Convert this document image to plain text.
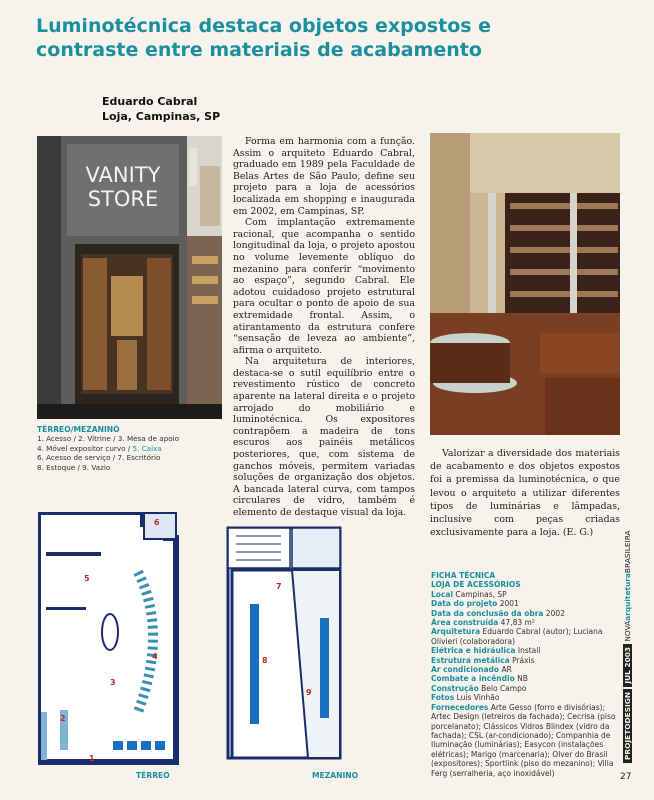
Luminotécnica destaca objetos expostos e
contraste entre materiais de acabamento
Eduardo Cabral
Loja, Campinas, SP
VANITY
STORE

Forma em harmonia com a função. Assim o arquiteto Eduardo Cabral, graduado em 1989 pela Faculdade de Belas Artes de São Paulo, define seu projeto para a loja de acessórios localizada em shopping e inaugurada em 2002, em Campinas, SP.

Com implantação extremamente racional, que acompanha o sentido longitudinal da loja, o projeto apostou no volume levemente oblíquo do mezanino para conferir “movimento ao espaço”, segundo Cabral. Ele adotou cuidadoso projeto estrutural para ocultar o ponto de apoio de sua extremidade frontal. Assim, o atirantamento da estrutura confere “sensação de leveza ao ambiente”, afirma o arquiteto.

Na arquitetura de interiores, destaca-se o sutil equilíbrio entre o revestimento rústico de concreto aparente na lateral direita e o projeto arrojado do mobiliário e luminotécnica. Os expositores contrapõem a madeira de tons escuros aos painéis metálicos posteriores, que, com sistema de ganchos móveis, permitem variadas soluções de organização dos objetos. A bancada lateral curva, com tampos circulares de vidro, também é elemento de destaque visual da loja.

TÉRREO/MEZANINO
1. Acesso / 2. Vitrine / 3. Mesa de apoio
4. Móvel expositor curvo / 5. Caixa
6. Acesso de serviço / 7. Escritório
8. Estoque / 9. Vazio

Valorizar a diversidade dos materiais de acabamento e dos objetos expostos foi a premissa da luminotécnica, o que levou o arquiteto a utilizar diferentes tipos de luminárias e lâmpadas, inclusive com peças criadas exclusivamente para a loja. (E. G.)

6
5
4
3
2
1
TÉRREO
7
8
9
MEZANINO
FICHA TÉCNICA
LOJA DE ACESSÓRIOS
Local Campinas, SP
Data do projeto 2001
Data da conclusão da obra 2002
Área construída 47,83 m²
Arquitetura Eduardo Cabral (autor); Luciana Olivieri (colaboradora)
Elétrica e hidráulica Install
Estrutura metálica Práxis
Ar condicionado AR
Combate a incêndio NB
Construção Belo Campo
Fotos Luis Vinhão
Fornecedores Arte Gesso (forro e divisórias); Artec Design (letreiros da fachada); Cecrisa (piso porcelanato); Clássicos Vidros Blindex (vidro da fachada); CSL (ar-condicionado); Companhia de Iluminação (luminárias); Easycon (instalações elétricas); Marigo (marcenaria); Olver do Brasil (expositores); Sportlink (piso do mezanino); Villa Ferg (serralheria, aço inoxidável)
PROJETODESIGN JUL 2003 NOVAarquiteturaBRASILEIRA
27
